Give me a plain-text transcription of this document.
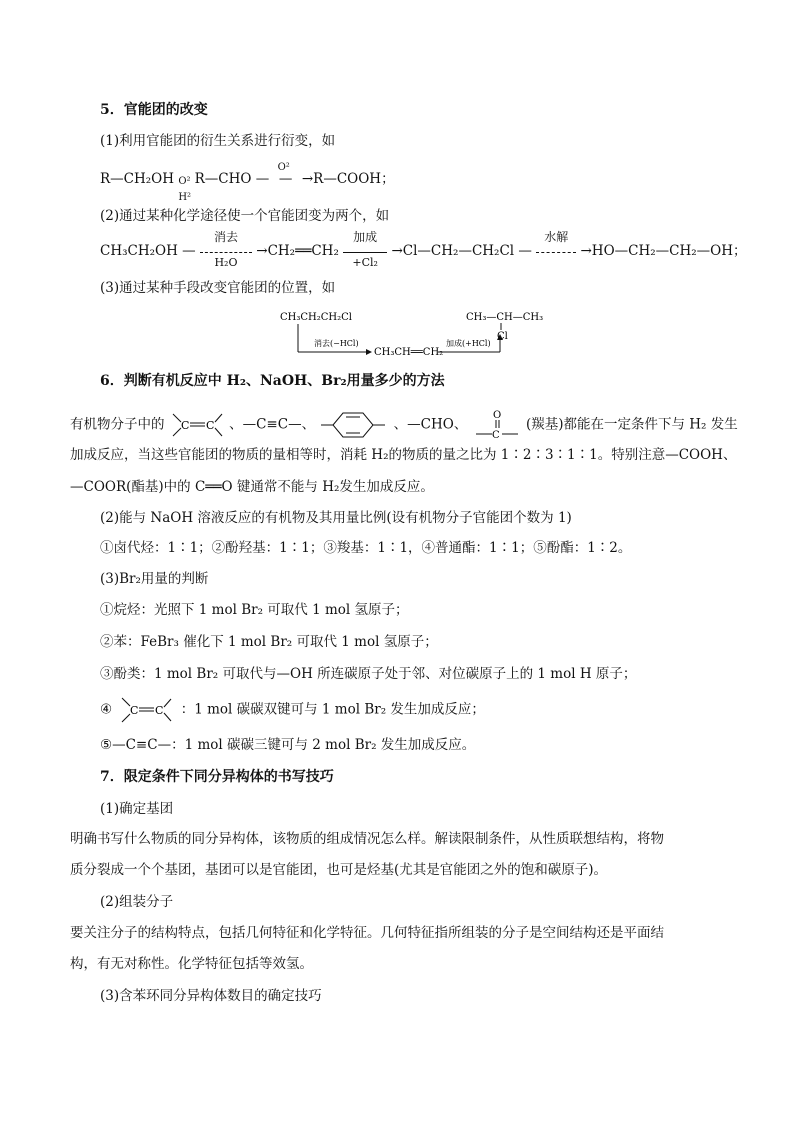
5．官能团的改变
(1)利用官能团的衍生关系进行衍变，如
R—CH₂OH O²
H²
R—CHO —
O²
— →R—COOH；
(2)通过某种化学途径使一个官能团变为两个，如
CH₃CH₂OH —
消去
H₂O
→CH₂══CH₂
加成
+Cl₂
→Cl—CH₂—CH₂Cl —
水解
→HO—CH₂—CH₂—OH；
(3)通过某种手段改变官能团的位置，如
CH₃CH₂CH₂Cl
消去(−HCl)
CH₃CH══CH₂
加成(+HCl)
CH₃—CH—CH₃
Cl
6．判断有机反应中 H₂、NaOH、Br₂用量多少的方法
有机物分子中的 C C 、—C≡C—、	、—CHO、
O
C
(羰基)都能在一定条件下与 H₂ 发生
加成反应，当这些官能团的物质的量相等时，消耗 H₂的物质的量之比为 1∶2∶3∶1∶1。特别注意—COOH、
—COOR(酯基)中的 C══O 键通常不能与 H₂发生加成反应。
(2)能与 NaOH 溶液反应的有机物及其用量比例(设有机物分子官能团个数为 1)
①卤代烃：1∶1；②酚羟基：1∶1；③羧基：1∶1，④普通酯：1∶1；⑤酚酯：1∶2。
(3)Br₂用量的判断
①烷烃：光照下 1 mol Br₂ 可取代 1 mol 氢原子；
②苯：FeBr₃ 催化下 1 mol Br₂ 可取代 1 mol 氢原子；
③酚类：1 mol Br₂ 可取代与—OH 所连碳原子处于邻、对位碳原子上的 1 mol H 原子；
④ C C ：1 mol 碳碳双键可与 1 mol Br₂ 发生加成反应；
⑤—C≡C—：1 mol 碳碳三键可与 2 mol Br₂ 发生加成反应。
7．限定条件下同分异构体的书写技巧
(1)确定基团
明确书写什么物质的同分异构体，该物质的组成情况怎么样。解读限制条件，从性质联想结构，将物
质分裂成一个个基团，基团可以是官能团，也可是烃基(尤其是官能团之外的饱和碳原子)。
(2)组装分子
要关注分子的结构特点，包括几何特征和化学特征。几何特征指所组装的分子是空间结构还是平面结
构，有无对称性。化学特征包括等效氢。
(3)含苯环同分异构体数目的确定技巧
